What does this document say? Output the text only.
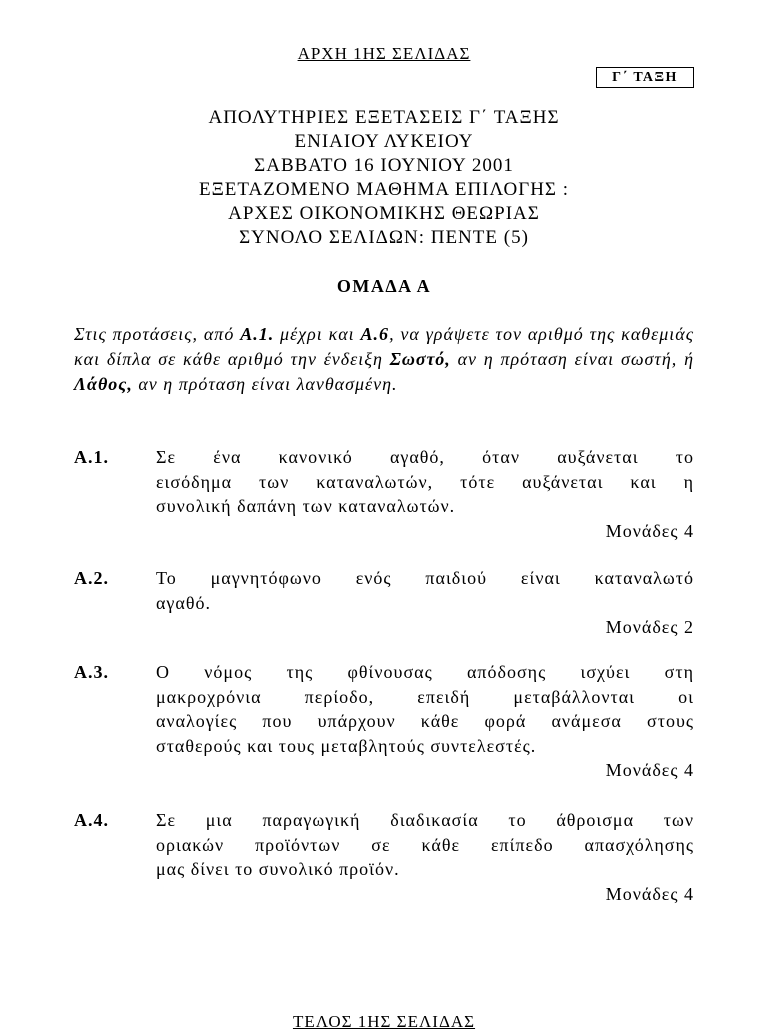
ΑΡΧΗ 1ΗΣ ΣΕΛΙΔΑΣ
Γ΄ ΤΑΞΗ
ΑΠΟΛΥΤΗΡΙΕΣ ΕΞΕΤΑΣΕΙΣ Γ΄ ΤΑΞΗΣ
ΕΝΙΑΙΟΥ ΛΥΚΕΙΟΥ
ΣΑΒΒΑΤΟ 16 ΙΟΥΝΙΟΥ 2001
ΕΞΕΤΑΖΟΜΕΝΟ ΜΑΘΗΜΑ ΕΠΙΛΟΓΗΣ :
ΑΡΧΕΣ ΟΙΚΟΝΟΜΙΚΗΣ ΘΕΩΡΙΑΣ
ΣΥΝΟΛΟ ΣΕΛΙΔΩΝ: ΠΕΝΤΕ (5)
ΟΜΑΔΑ Α
Στις προτάσεις, από Α.1. μέχρι και Α.6, να γράψετε τον αριθμό της καθεμιάς και δίπλα σε κάθε αριθμό την ένδειξη Σωστό, αν η πρόταση είναι σωστή, ή Λάθος, αν η πρόταση είναι λανθασμένη.
Α.1.	Σε ένα κανονικό αγαθό, όταν αυξάνεται το
εισόδημα των καταναλωτών, τότε αυξάνεται και η
συνολική δαπάνη των καταναλωτών.
Μονάδες 4
Α.2.	Το μαγνητόφωνο ενός παιδιού είναι καταναλωτό
αγαθό.
Μονάδες 2
Α.3.	Ο νόμος της φθίνουσας απόδοσης ισχύει στη
μακροχρόνια περίοδο, επειδή μεταβάλλονται οι
αναλογίες που υπάρχουν κάθε φορά ανάμεσα στους
σταθερούς και τους μεταβλητούς συντελεστές.
Μονάδες 4
Α.4.	Σε μια παραγωγική διαδικασία το άθροισμα των
οριακών προϊόντων σε κάθε επίπεδο απασχόλησης
μας δίνει το συνολικό προϊόν.
Μονάδες 4
ΤΕΛΟΣ 1ΗΣ ΣΕΛΙΔΑΣ
